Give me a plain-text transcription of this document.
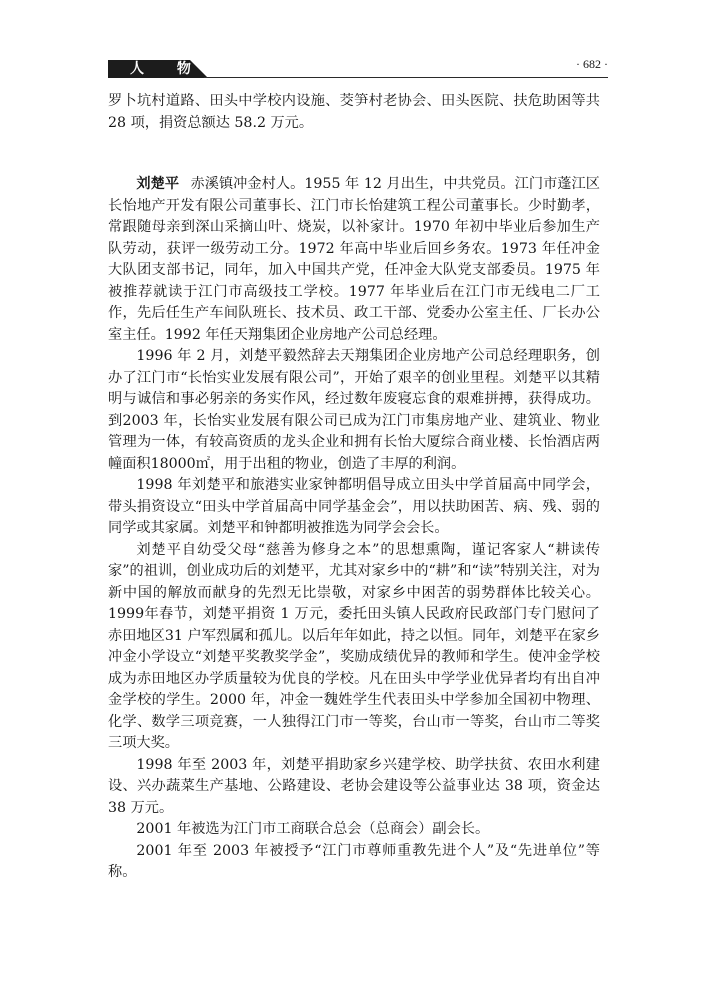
人 物	· 682 ·

罗卜坑村道路、田头中学校内设施、茭笋村老协会、田头医院、扶危助困等共28 项，捐资总额达 58.2 万元。

刘楚平 赤溪镇冲金村人。1955 年 12 月出生，中共党员。江门市蓬江区长怡地产开发有限公司董事长、江门市长怡建筑工程公司董事长。少时勤孝，常跟随母亲到深山采摘山叶、烧炭，以补家计。1970 年初中毕业后参加生产队劳动，获评一级劳动工分。1972 年高中毕业后回乡务农。1973 年任冲金大队团支部书记，同年，加入中国共产党，任冲金大队党支部委员。1975 年被推荐就读于江门市高级技工学校。1977 年毕业后在江门市无线电二厂工作，先后任生产车间队班长、技术员、政工干部、党委办公室主任、厂长办公室主任。1992 年任天翔集团企业房地产公司总经理。

1996 年 2 月，刘楚平毅然辞去天翔集团企业房地产公司总经理职务，创办了江门市“长怡实业发展有限公司”，开始了艰辛的创业里程。刘楚平以其精明与诚信和事必躬亲的务实作风，经过数年废寝忘食的艰难拼搏，获得成功。到2003 年，长怡实业发展有限公司已成为江门市集房地产业、建筑业、物业管理为一体，有较高资质的龙头企业和拥有长怡大厦综合商业楼、长怡酒店两幢面积18000㎡，用于出租的物业，创造了丰厚的利润。

1998 年刘楚平和旅港实业家钟都明倡导成立田头中学首届高中同学会，带头捐资设立“田头中学首届高中同学基金会”，用以扶助困苦、病、残、弱的同学或其家属。刘楚平和钟都明被推选为同学会会长。

刘楚平自幼受父母“慈善为修身之本”的思想熏陶，谨记客家人“耕读传家”的祖训，创业成功后的刘楚平，尤其对家乡中的“耕”和“读”特别关注，对为新中国的解放而献身的先烈无比崇敬，对家乡中困苦的弱势群体比较关心。1999年春节，刘楚平捐资 1 万元，委托田头镇人民政府民政部门专门慰问了赤田地区31 户军烈属和孤儿。以后年年如此，持之以恒。同年，刘楚平在家乡冲金小学设立“刘楚平奖教奖学金”，奖励成绩优异的教师和学生。使冲金学校成为赤田地区办学质量较为优良的学校。凡在田头中学学业优异者均有出自冲金学校的学生。2000 年，冲金一魏姓学生代表田头中学参加全国初中物理、化学、数学三项竞赛，一人独得江门市一等奖，台山市一等奖，台山市二等奖三项大奖。

1998 年至 2003 年，刘楚平捐助家乡兴建学校、助学扶贫、农田水利建设、兴办蔬菜生产基地、公路建设、老协会建设等公益事业达 38 项，资金达 38 万元。

2001 年被选为江门市工商联合总会（总商会）副会长。

2001 年至 2003 年被授予“江门市尊师重教先进个人”及“先进单位”等称。
